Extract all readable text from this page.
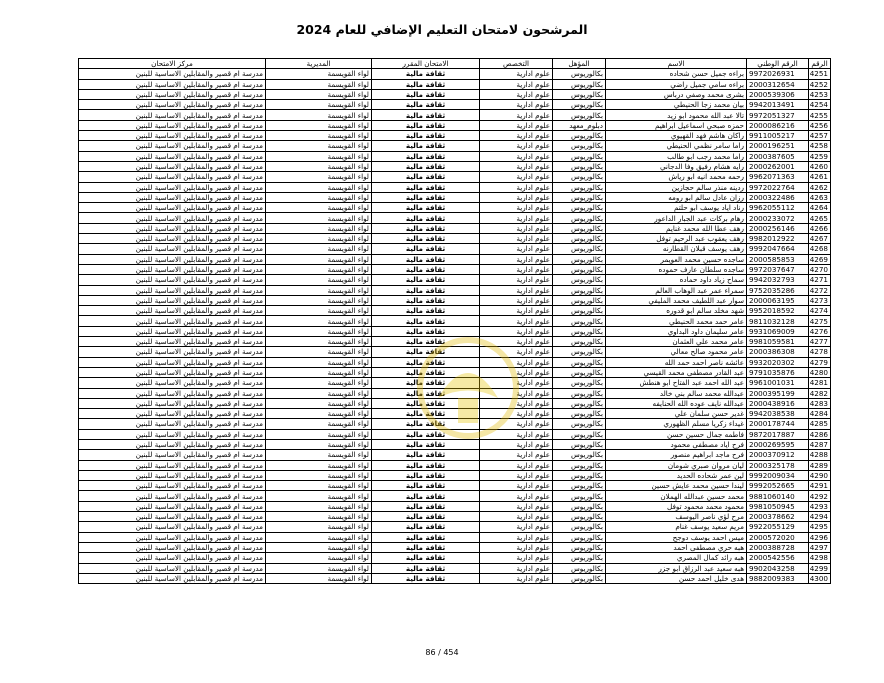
المرشحون لامتحان التعليم الإضافي للعام 2024
الرقم	الرقم الوطني	الاسم	المؤهل	التخصص	الامتحان المقرر	المديرية	مركز الامتحان
4251	9972026931	براءه جميل حسن شحاده	بكالوريوس	علوم ادارية	ثقافة مالية	لواء القويسمة	مدرسة ام قصير والمقابلين الاساسية للبنين
4252	2000312654	براءه سامي جميل راضي	بكالوريوس	علوم ادارية	ثقافة مالية	لواء القويسمة	مدرسة ام قصير والمقابلين الاساسية للبنين
4253	2000539306	بشرى محمد وصفي درباس	بكالوريوس	علوم ادارية	ثقافة مالية	لواء القويسمة	مدرسة ام قصير والمقابلين الاساسية للبنين
4254	9942013491	بيان محمد زجا الحنيطي	بكالوريوس	علوم ادارية	ثقافة مالية	لواء القويسمة	مدرسة ام قصير والمقابلين الاساسية للبنين
4255	9972051327	تالا عبد الله محمود ابو زيد	بكالوريوس	علوم ادارية	ثقافة مالية	لواء القويسمة	مدرسة ام قصير والمقابلين الاساسية للبنين
4256	2000086216	حمزه صبحي اسماعيل ابراهيم	دبلوم_معهد	علوم ادارية	ثقافة مالية	لواء القويسمة	مدرسة ام قصير والمقابلين الاساسية للبنين
4257	9911005217	راكان هاشم فهد القهيوي	بكالوريوس	علوم ادارية	ثقافة مالية	لواء القويسمة	مدرسة ام قصير والمقابلين الاساسية للبنين
4258	2000196251	راما سامر نظمي الحنيطي	بكالوريوس	علوم ادارية	ثقافة مالية	لواء القويسمة	مدرسة ام قصير والمقابلين الاساسية للبنين
4259	2000387605	راما محمد رجب ابو طالب	بكالوريوس	علوم ادارية	ثقافة مالية	لواء القويسمة	مدرسة ام قصير والمقابلين الاساسية للبنين
4260	2000262001	رايه هشام رفيق وفا الدجاني	بكالوريوس	علوم ادارية	ثقافة مالية	لواء القويسمة	مدرسة ام قصير والمقابلين الاساسية للبنين
4261	9962071363	رحمه محمد انيه ابو رياش	بكالوريوس	علوم ادارية	ثقافة مالية	لواء القويسمة	مدرسة ام قصير والمقابلين الاساسية للبنين
4262	9972022764	ردينه منذر سالم حجازين	بكالوريوس	علوم ادارية	ثقافة مالية	لواء القويسمة	مدرسة ام قصير والمقابلين الاساسية للبنين
4263	2000322486	رزان عادل سالم ابو رومه	بكالوريوس	علوم ادارية	ثقافة مالية	لواء القويسمة	مدرسة ام قصير والمقابلين الاساسية للبنين
4264	9962055112	رناد اياد يوسف ابو حلتم	بكالوريوس	علوم ادارية	ثقافة مالية	لواء القويسمة	مدرسة ام قصير والمقابلين الاساسية للبنين
4265	2000233072	رهام بركات عبد الجبار الداعور	بكالوريوس	علوم ادارية	ثقافة مالية	لواء القويسمة	مدرسة ام قصير والمقابلين الاساسية للبنين
4266	2000256146	رهف عطا الله محمد غنايم	بكالوريوس	علوم ادارية	ثقافة مالية	لواء القويسمة	مدرسة ام قصير والمقابلين الاساسية للبنين
4267	9982012922	رهف يعقوب عبد الرحيم توفل	بكالوريوس	علوم ادارية	ثقافة مالية	لواء القويسمة	مدرسة ام قصير والمقابلين الاساسية للبنين
4268	9992047664	رهف يوسف قبلان القطارنه	بكالوريوس	علوم ادارية	ثقافة مالية	لواء القويسمة	مدرسة ام قصير والمقابلين الاساسية للبنين
4269	2000585853	ساجده حسين محمد العويمر	بكالوريوس	علوم ادارية	ثقافة مالية	لواء القويسمة	مدرسة ام قصير والمقابلين الاساسية للبنين
4270	9972037647	ساجده سلطان عارف حموده	بكالوريوس	علوم ادارية	ثقافة مالية	لواء القويسمة	مدرسة ام قصير والمقابلين الاساسية للبنين
4271	9942032793	سماح زياد داود حماده	بكالوريوس	علوم ادارية	ثقافة مالية	لواء القويسمة	مدرسة ام قصير والمقابلين الاساسية للبنين
4272	9752035286	سمراء عمر عبد الوهاب العالم	بكالوريوس	علوم ادارية	ثقافة مالية	لواء القويسمة	مدرسة ام قصير والمقابلين الاساسية للبنين
4273	2000063195	سوار عبد اللطيف محمد المليفي	بكالوريوس	علوم ادارية	ثقافة مالية	لواء القويسمة	مدرسة ام قصير والمقابلين الاساسية للبنين
4274	9952018592	شهد مخلد سالم ابو قدوره	بكالوريوس	علوم ادارية	ثقافة مالية	لواء القويسمة	مدرسة ام قصير والمقابلين الاساسية للبنين
4275	9811032128	عامر حمد محمد الحنيطي	بكالوريوس	علوم ادارية	ثقافة مالية	لواء القويسمة	مدرسة ام قصير والمقابلين الاساسية للبنين
4276	9931069009	عامر سليمان داود البداوي	بكالوريوس	علوم ادارية	ثقافة مالية	لواء القويسمة	مدرسة ام قصير والمقابلين الاساسية للبنين
4277	9981059581	عامر محمد علي العثمان	بكالوريوس	علوم ادارية	ثقافة مالية	لواء القويسمة	مدرسة ام قصير والمقابلين الاساسية للبنين
4278	2000386308	عامر محمود صالح معالي	بكالوريوس	علوم ادارية	ثقافة مالية	لواء القويسمة	مدرسة ام قصير والمقابلين الاساسية للبنين
4279	9932020302	عائشه ناصر احمد حمد الله	بكالوريوس	علوم ادارية	ثقافة مالية	لواء القويسمة	مدرسة ام قصير والمقابلين الاساسية للبنين
4280	9791035876	عبد القادر مصطفى محمد القيسي	بكالوريوس	علوم ادارية	ثقافة مالية	لواء القويسمة	مدرسة ام قصير والمقابلين الاساسية للبنين
4281	9961001031	عبد الله احمد عبد الفتاح ابو هنطش	بكالوريوس	علوم ادارية	ثقافة مالية	لواء القويسمة	مدرسة ام قصير والمقابلين الاساسية للبنين
4282	2000395199	عبدالله محمد سالم بني خالد	بكالوريوس	علوم ادارية	ثقافة مالية	لواء القويسمة	مدرسة ام قصير والمقابلين الاساسية للبنين
4283	2000438916	عبدالله نايف عوده الله الحنايفه	بكالوريوس	علوم ادارية	ثقافة مالية	لواء القويسمة	مدرسة ام قصير والمقابلين الاساسية للبنين
4284	9942038538	غدير حسن سلمان علي	بكالوريوس	علوم ادارية	ثقافة مالية	لواء القويسمة	مدرسة ام قصير والمقابلين الاساسية للبنين
4285	2000178744	غيداء زكريا مسلم الظهوري	بكالوريوس	علوم ادارية	ثقافة مالية	لواء القويسمة	مدرسة ام قصير والمقابلين الاساسية للبنين
4286	9872017887	فاطمه جمال حسين حسن	بكالوريوس	علوم ادارية	ثقافة مالية	لواء القويسمة	مدرسة ام قصير والمقابلين الاساسية للبنين
4287	2000269595	فرح اياد مصطفى محمود	بكالوريوس	علوم ادارية	ثقافة مالية	لواء القويسمة	مدرسة ام قصير والمقابلين الاساسية للبنين
4288	2000370912	فرح ماجد ابراهيم منصور	بكالوريوس	علوم ادارية	ثقافة مالية	لواء القويسمة	مدرسة ام قصير والمقابلين الاساسية للبنين
4289	2000325178	ليان مروان صبري شومان	بكالوريوس	علوم ادارية	ثقافة مالية	لواء القويسمة	مدرسة ام قصير والمقابلين الاساسية للبنين
4290	9992009034	لين عمر شحاده الحديد	بكالوريوس	علوم ادارية	ثقافة مالية	لواء القويسمة	مدرسة ام قصير والمقابلين الاساسية للبنين
4291	9992052665	ليندا حسين محمد عايش حسين	بكالوريوس	علوم ادارية	ثقافة مالية	لواء القويسمة	مدرسة ام قصير والمقابلين الاساسية للبنين
4292	9881060140	محمد حسين عبدالله الهملان	بكالوريوس	علوم ادارية	ثقافة مالية	لواء القويسمة	مدرسة ام قصير والمقابلين الاساسية للبنين
4293	9981050945	محمود محمد محمود توفل	بكالوريوس	علوم ادارية	ثقافة مالية	لواء القويسمة	مدرسة ام قصير والمقابلين الاساسية للبنين
4294	2000378662	مرح لؤي ناصر اليوسف	بكالوريوس	علوم ادارية	ثقافة مالية	لواء القويسمة	مدرسة ام قصير والمقابلين الاساسية للبنين
4295	9922055129	مريم سعيد يوسف غنام	بكالوريوس	علوم ادارية	ثقافة مالية	لواء القويسمة	مدرسة ام قصير والمقابلين الاساسية للبنين
4296	2000572020	ميس احمد يوسف دوجح	بكالوريوس	علوم ادارية	ثقافة مالية	لواء القويسمة	مدرسة ام قصير والمقابلين الاساسية للبنين
4297	2000388728	هبه حري مصطفى احمد	بكالوريوس	علوم ادارية	ثقافة مالية	لواء القويسمة	مدرسة ام قصير والمقابلين الاساسية للبنين
4298	2000542556	هبه رائد كمال المصري	بكالوريوس	علوم ادارية	ثقافة مالية	لواء القويسمة	مدرسة ام قصير والمقابلين الاساسية للبنين
4299	9902043258	هبه سعيد عبد الرزاق ابو جزر	بكالوريوس	علوم ادارية	ثقافة مالية	لواء القويسمة	مدرسة ام قصير والمقابلين الاساسية للبنين
4300	9882009383	هدى خليل احمد حسن	بكالوريوس	علوم ادارية	ثقافة مالية	لواء القويسمة	مدرسة ام قصير والمقابلين الاساسية للبنين
86 / 454
